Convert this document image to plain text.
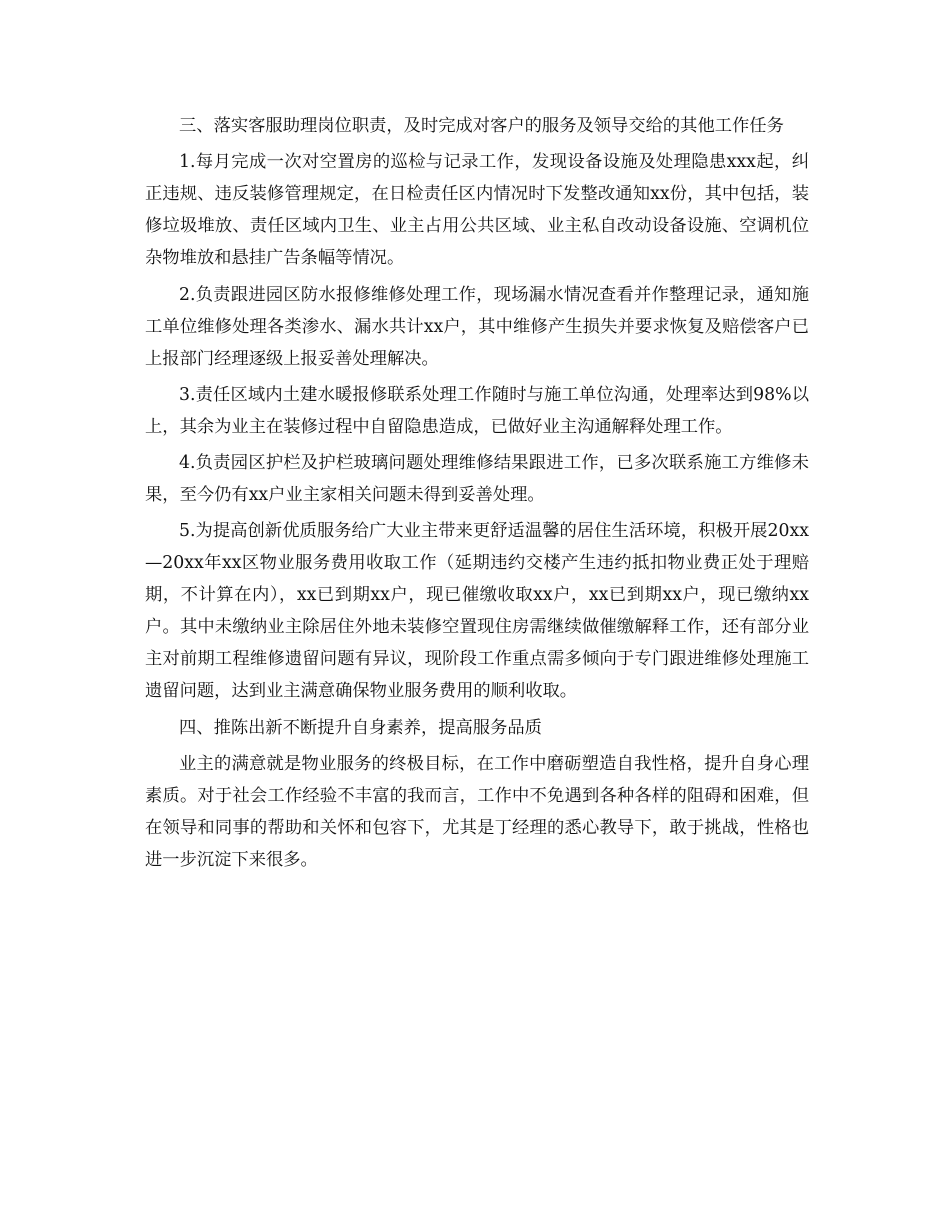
三、落实客服助理岗位职责，及时完成对客户的服务及领导交给的其他工作任务

1.每月完成一次对空置房的巡检与记录工作，发现设备设施及处理隐患xxx起，纠正违规、违反装修管理规定，在日检责任区内情况时下发整改通知xx份，其中包括，装修垃圾堆放、责任区域内卫生、业主占用公共区域、业主私自改动设备设施、空调机位杂物堆放和悬挂广告条幅等情况。

2.负责跟进园区防水报修维修处理工作，现场漏水情况查看并作整理记录，通知施工单位维修处理各类渗水、漏水共计xx户，其中维修产生损失并要求恢复及赔偿客户已上报部门经理逐级上报妥善处理解决。

3.责任区域内土建水暖报修联系处理工作随时与施工单位沟通，处理率达到98%以上，其余为业主在装修过程中自留隐患造成，已做好业主沟通解释处理工作。

4.负责园区护栏及护栏玻璃问题处理维修结果跟进工作，已多次联系施工方维修未果，至今仍有xx户业主家相关问题未得到妥善处理。

5.为提高创新优质服务给广大业主带来更舒适温馨的居住生活环境，积极开展20xx—20xx年xx区物业服务费用收取工作（延期违约交楼产生违约抵扣物业费正处于理赔期，不计算在内），xx已到期xx户，现已催缴收取xx户，xx已到期xx户，现已缴纳xx户。其中未缴纳业主除居住外地未装修空置现住房需继续做催缴解释工作，还有部分业主对前期工程维修遗留问题有异议，现阶段工作重点需多倾向于专门跟进维修处理施工遗留问题，达到业主满意确保物业服务费用的顺利收取。

四、推陈出新不断提升自身素养，提高服务品质

业主的满意就是物业服务的终极目标，在工作中磨砺塑造自我性格，提升自身心理素质。对于社会工作经验不丰富的我而言，工作中不免遇到各种各样的阻碍和困难，但在领导和同事的帮助和关怀和包容下，尤其是丁经理的悉心教导下，敢于挑战，性格也进一步沉淀下来很多。
